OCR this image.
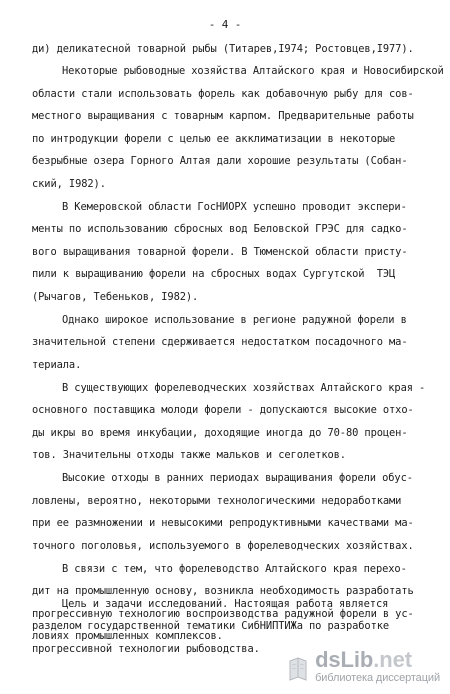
- 4 -
ди) деликатесной товарной рыбы (Титарев,I974; Ростовцев,I977).
Некоторые рыбоводные хозяйства Алтайского края и Новосибирской
области стали использовать форель как добавочную рыбу для сов-
местного выращивания с товарным карпом. Предварительные работы
по интродукции форели с целью ее акклиматизации в некоторые
безрыбные озера Горного Алтая дали хорошие результаты (Собан-
ский, I982).
В Кемеровской области ГосНИОРХ успешно проводит экспери-
менты по использованию сбросных вод Беловской ГРЭС для садко-
вого выращивания товарной форели. В Тюменской области присту-
пили к выращиванию форели на сбросных водах Сургутской  ТЭЦ
(Рычагов, Тебеньков, I982).
Однако широкое использование в регионе радужной форели в
значительной степени сдерживается недостатком посадочного ма-
териала.
В существующих форелеводческих хозяйствах Алтайского края -
основного поставщика молоди форели - допускаются высокие отхо-
ды икры во время инкубации, доходящие иногда до 70-80 процен-
тов. Значительны отходы также мальков и сеголетков.
Высокие отходы в ранних периодах выращивания форели обус-
ловлены, вероятно, некоторыми технологическими недоработками
при ее размножении и невысокими репродуктивными качествами ма-
точного поголовья, используемого в форелеводческих хозяйствах.
В связи с тем, что форелеводство Алтайского края перехо-
дит на промышленную основу, возникла необходимость разработать
прогрессивную технологию воспроизводства радужной форели в ус-
ловиях промышленных комплексов.
Цель и задачи исследований. Настоящая работа является
разделом государственной тематики СибНИПТИЖа по разработке
прогрессивной технологии рыбоводства.	dsLib.net
библиотека диссертаций
